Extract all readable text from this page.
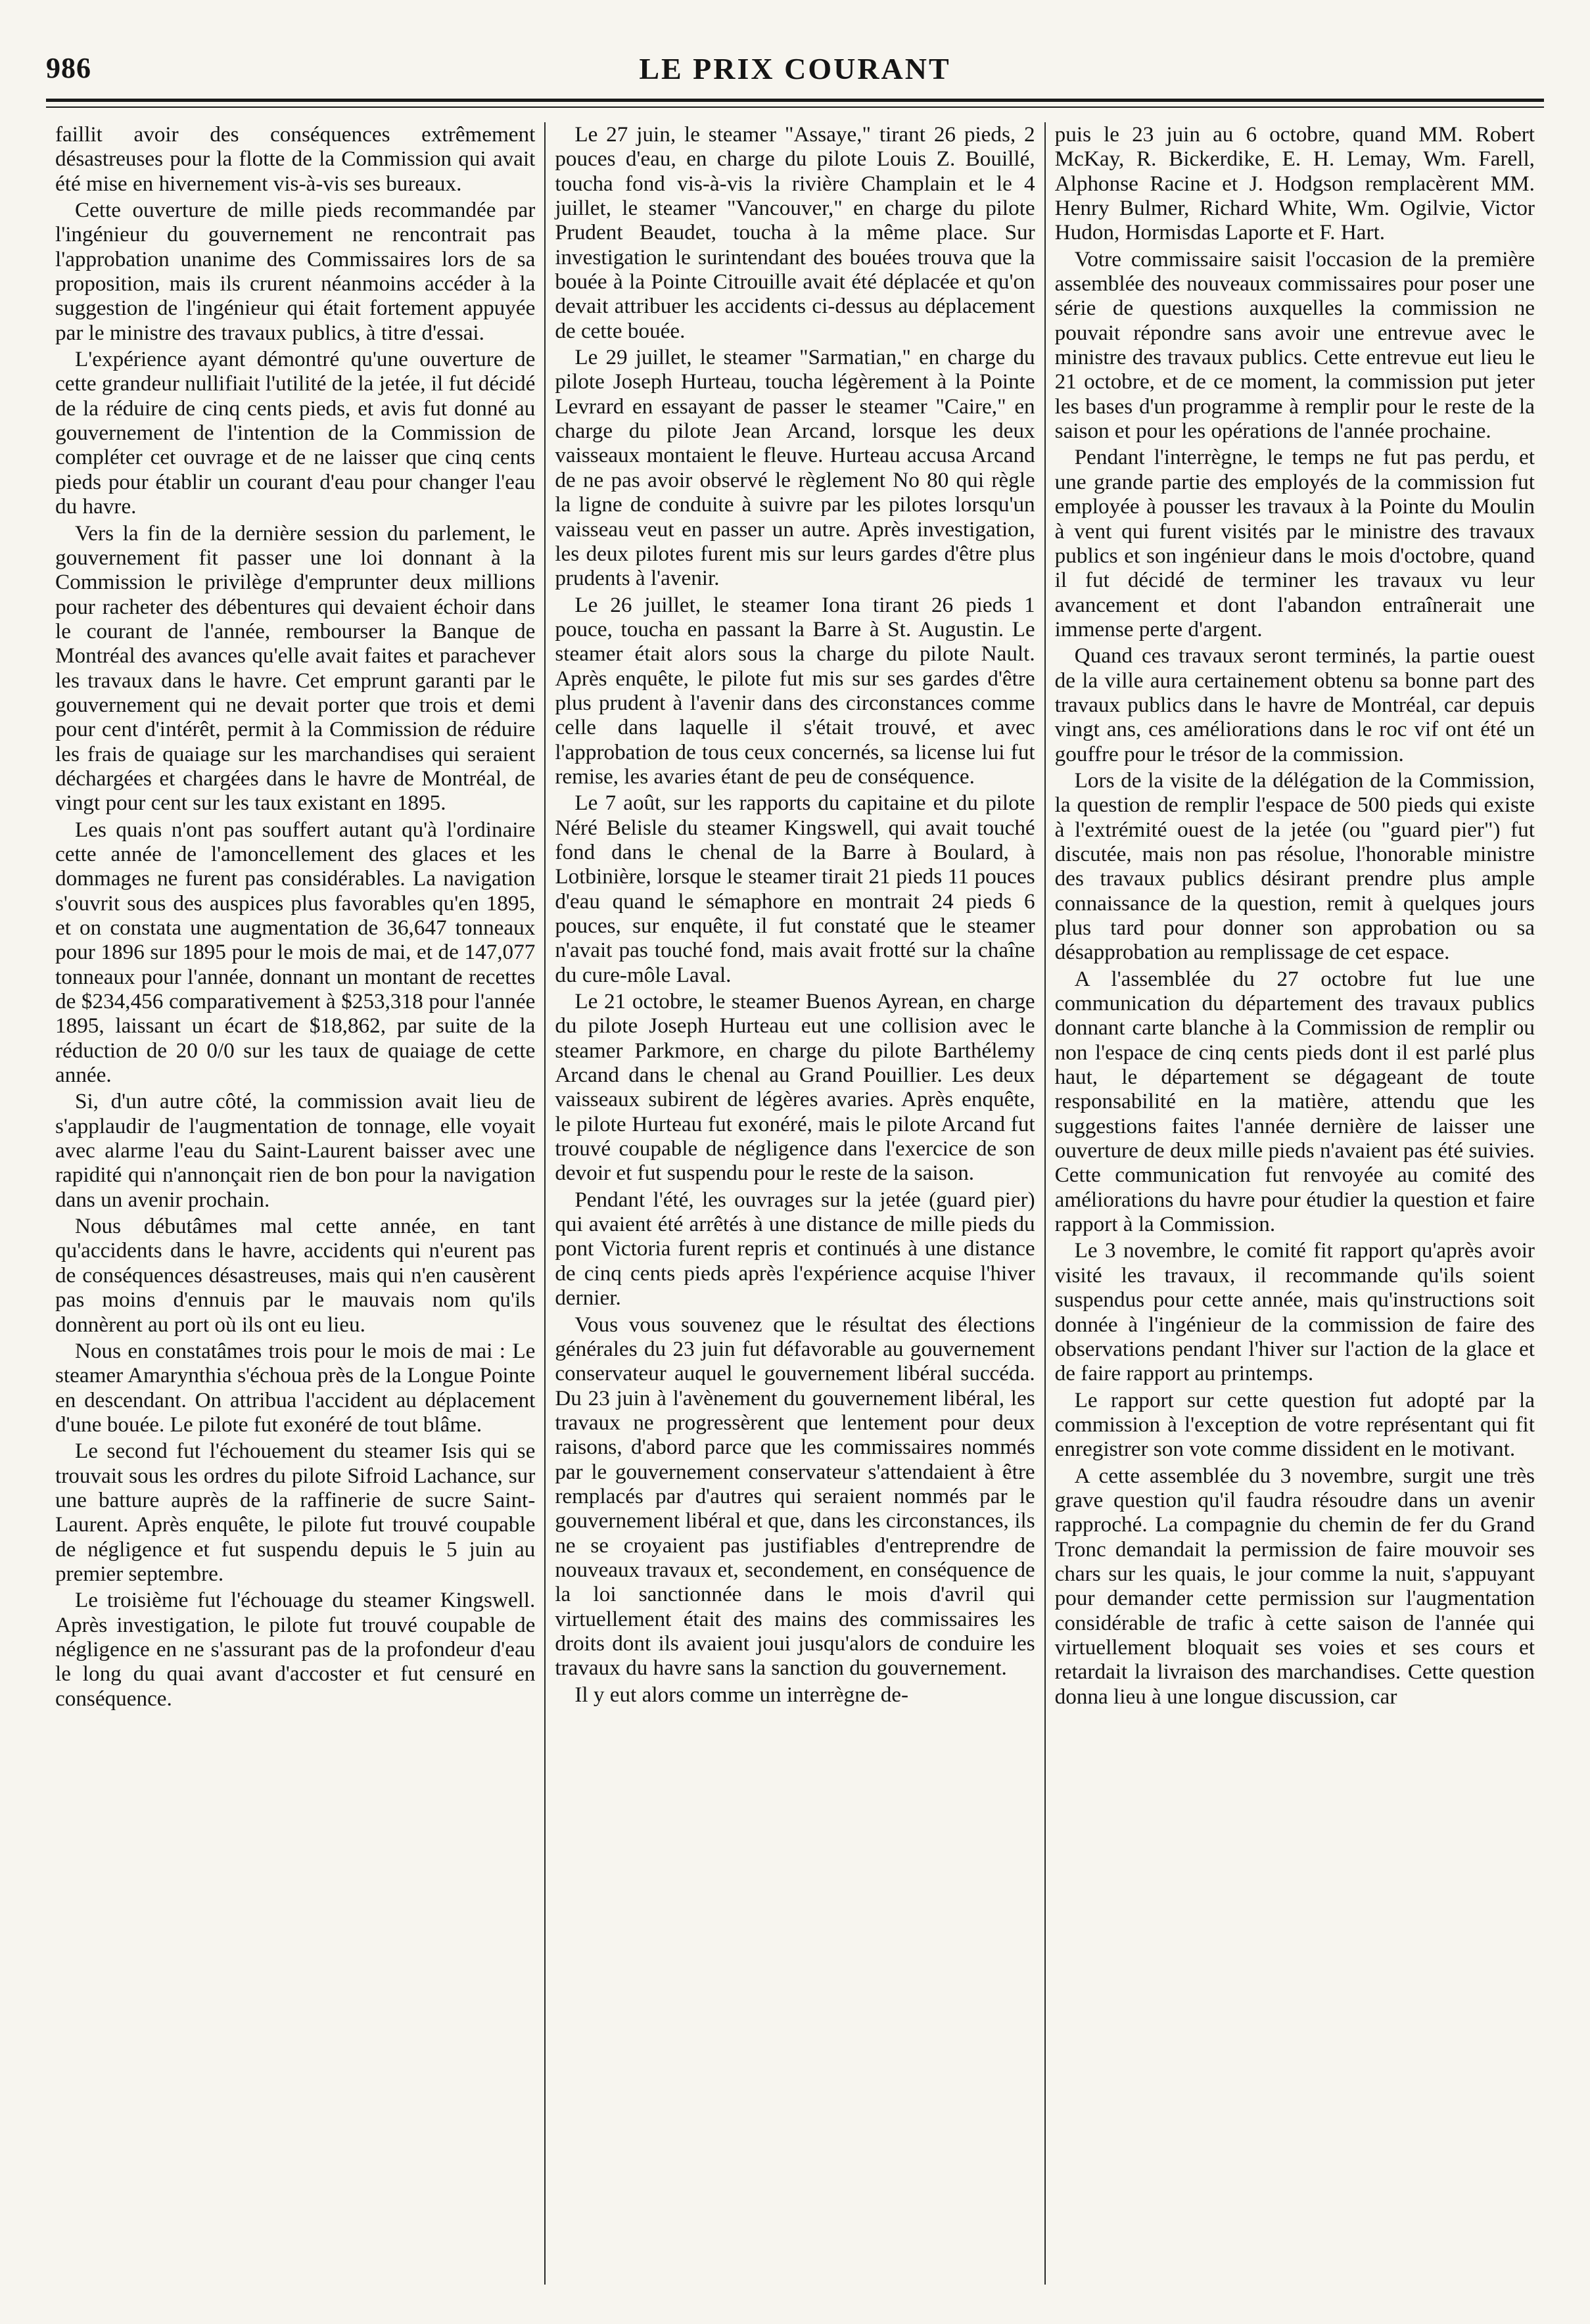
986	LE PRIX COURANT

faillit avoir des conséquences extrêmement désastreuses pour la flotte de la Commission qui avait été mise en hivernement vis-à-vis ses bureaux.

Cette ouverture de mille pieds recommandée par l'ingénieur du gouvernement ne rencontrait pas l'approbation unanime des Commissaires lors de sa proposition, mais ils crurent néanmoins accéder à la suggestion de l'ingénieur qui était fortement appuyée par le ministre des travaux publics, à titre d'essai.

L'expérience ayant démontré qu'une ouverture de cette grandeur nullifiait l'utilité de la jetée, il fut décidé de la réduire de cinq cents pieds, et avis fut donné au gouvernement de l'intention de la Commission de compléter cet ouvrage et de ne laisser que cinq cents pieds pour établir un courant d'eau pour changer l'eau du havre.

Vers la fin de la dernière session du parlement, le gouvernement fit passer une loi donnant à la Commission le privilège d'emprunter deux millions pour racheter des débentures qui devaient échoir dans le courant de l'année, rembourser la Banque de Montréal des avances qu'elle avait faites et parachever les travaux dans le havre. Cet emprunt garanti par le gouvernement qui ne devait porter que trois et demi pour cent d'intérêt, permit à la Commission de réduire les frais de quaiage sur les marchandises qui seraient déchargées et chargées dans le havre de Montréal, de vingt pour cent sur les taux existant en 1895.

Les quais n'ont pas souffert autant qu'à l'ordinaire cette année de l'amoncellement des glaces et les dommages ne furent pas considérables. La navigation s'ouvrit sous des auspices plus favorables qu'en 1895, et on constata une augmentation de 36,647 tonneaux pour 1896 sur 1895 pour le mois de mai, et de 147,077 tonneaux pour l'année, donnant un montant de recettes de $234,456 comparativement à $253,318 pour l'année 1895, laissant un écart de $18,862, par suite de la réduction de 20 0/0 sur les taux de quaiage de cette année.

Si, d'un autre côté, la commission avait lieu de s'applaudir de l'augmentation de tonnage, elle voyait avec alarme l'eau du Saint-Laurent baisser avec une rapidité qui n'annonçait rien de bon pour la navigation dans un avenir prochain.

Nous débutâmes mal cette année, en tant qu'accidents dans le havre, accidents qui n'eurent pas de conséquences désastreuses, mais qui n'en causèrent pas moins d'ennuis par le mauvais nom qu'ils donnèrent au port où ils ont eu lieu.

Nous en constatâmes trois pour le mois de mai : Le steamer Amarynthia s'échoua près de la Longue Pointe en descendant. On attribua l'accident au déplacement d'une bouée. Le pilote fut exonéré de tout blâme.

Le second fut l'échouement du steamer Isis qui se trouvait sous les ordres du pilote Sifroid Lachance, sur une batture auprès de la raffinerie de sucre Saint-Laurent. Après enquête, le pilote fut trouvé coupable de négligence et fut suspendu depuis le 5 juin au premier septembre.

Le troisième fut l'échouage du steamer Kingswell. Après investigation, le pilote fut trouvé coupable de négligence en ne s'assurant pas de la profondeur d'eau le long du quai avant d'accoster et fut censuré en conséquence.

Le 27 juin, le steamer "Assaye," tirant 26 pieds, 2 pouces d'eau, en charge du pilote Louis Z. Bouillé, toucha fond vis-à-vis la rivière Champlain et le 4 juillet, le steamer "Vancouver," en charge du pilote Prudent Beaudet, toucha à la même place. Sur investigation le surintendant des bouées trouva que la bouée à la Pointe Citrouille avait été déplacée et qu'on devait attribuer les accidents ci-dessus au déplacement de cette bouée.

Le 29 juillet, le steamer "Sarmatian," en charge du pilote Joseph Hurteau, toucha légèrement à la Pointe Levrard en essayant de passer le steamer "Caire," en charge du pilote Jean Arcand, lorsque les deux vaisseaux montaient le fleuve. Hurteau accusa Arcand de ne pas avoir observé le règlement No 80 qui règle la ligne de conduite à suivre par les pilotes lorsqu'un vaisseau veut en passer un autre. Après investigation, les deux pilotes furent mis sur leurs gardes d'être plus prudents à l'avenir.

Le 26 juillet, le steamer Iona tirant 26 pieds 1 pouce, toucha en passant la Barre à St. Augustin. Le steamer était alors sous la charge du pilote Nault. Après enquête, le pilote fut mis sur ses gardes d'être plus prudent à l'avenir dans des circonstances comme celle dans laquelle il s'était trouvé, et avec l'approbation de tous ceux concernés, sa license lui fut remise, les avaries étant de peu de conséquence.

Le 7 août, sur les rapports du capitaine et du pilote Néré Belisle du steamer Kingswell, qui avait touché fond dans le chenal de la Barre à Boulard, à Lotbinière, lorsque le steamer tirait 21 pieds 11 pouces d'eau quand le sémaphore en montrait 24 pieds 6 pouces, sur enquête, il fut constaté que le steamer n'avait pas touché fond, mais avait frotté sur la chaîne du cure-môle Laval.

Le 21 octobre, le steamer Buenos Ayrean, en charge du pilote Joseph Hurteau eut une collision avec le steamer Parkmore, en charge du pilote Barthélemy Arcand dans le chenal au Grand Pouillier. Les deux vaisseaux subirent de légères avaries. Après enquête, le pilote Hurteau fut exonéré, mais le pilote Arcand fut trouvé coupable de négligence dans l'exercice de son devoir et fut suspendu pour le reste de la saison.

Pendant l'été, les ouvrages sur la jetée (guard pier) qui avaient été arrêtés à une distance de mille pieds du pont Victoria furent repris et continués à une distance de cinq cents pieds après l'expérience acquise l'hiver dernier.

Vous vous souvenez que le résultat des élections générales du 23 juin fut défavorable au gouvernement conservateur auquel le gouvernement libéral succéda. Du 23 juin à l'avènement du gouvernement libéral, les travaux ne progressèrent que lentement pour deux raisons, d'abord parce que les commissaires nommés par le gouvernement conservateur s'attendaient à être remplacés par d'autres qui seraient nommés par le gouvernement libéral et que, dans les circonstances, ils ne se croyaient pas justifiables d'entreprendre de nouveaux travaux et, secondement, en conséquence de la loi sanctionnée dans le mois d'avril qui virtuellement était des mains des commissaires les droits dont ils avaient joui jusqu'alors de conduire les travaux du havre sans la sanction du gouvernement.

Il y eut alors comme un interrègne de-

puis le 23 juin au 6 octobre, quand MM. Robert McKay, R. Bickerdike, E. H. Lemay, Wm. Farell, Alphonse Racine et J. Hodgson remplacèrent MM. Henry Bulmer, Richard White, Wm. Ogilvie, Victor Hudon, Hormisdas Laporte et F. Hart.

Votre commissaire saisit l'occasion de la première assemblée des nouveaux commissaires pour poser une série de questions auxquelles la commission ne pouvait répondre sans avoir une entrevue avec le ministre des travaux publics. Cette entrevue eut lieu le 21 octobre, et de ce moment, la commission put jeter les bases d'un programme à remplir pour le reste de la saison et pour les opérations de l'année prochaine.

Pendant l'interrègne, le temps ne fut pas perdu, et une grande partie des employés de la commission fut employée à pousser les travaux à la Pointe du Moulin à vent qui furent visités par le ministre des travaux publics et son ingénieur dans le mois d'octobre, quand il fut décidé de terminer les travaux vu leur avancement et dont l'abandon entraînerait une immense perte d'argent.

Quand ces travaux seront terminés, la partie ouest de la ville aura certainement obtenu sa bonne part des travaux publics dans le havre de Montréal, car depuis vingt ans, ces améliorations dans le roc vif ont été un gouffre pour le trésor de la commission.

Lors de la visite de la délégation de la Commission, la question de remplir l'espace de 500 pieds qui existe à l'extrémité ouest de la jetée (ou "guard pier") fut discutée, mais non pas résolue, l'honorable ministre des travaux publics désirant prendre plus ample connaissance de la question, remit à quelques jours plus tard pour donner son approbation ou sa désapprobation au remplissage de cet espace.

A l'assemblée du 27 octobre fut lue une communication du département des travaux publics donnant carte blanche à la Commission de remplir ou non l'espace de cinq cents pieds dont il est parlé plus haut, le département se dégageant de toute responsabilité en la matière, attendu que les suggestions faites l'année dernière de laisser une ouverture de deux mille pieds n'avaient pas été suivies. Cette communication fut renvoyée au comité des améliorations du havre pour étudier la question et faire rapport à la Commission.

Le 3 novembre, le comité fit rapport qu'après avoir visité les travaux, il recommande qu'ils soient suspendus pour cette année, mais qu'instructions soit donnée à l'ingénieur de la commission de faire des observations pendant l'hiver sur l'action de la glace et de faire rapport au printemps.

Le rapport sur cette question fut adopté par la commission à l'exception de votre représentant qui fit enregistrer son vote comme dissident en le motivant.

A cette assemblée du 3 novembre, surgit une très grave question qu'il faudra résoudre dans un avenir rapproché. La compagnie du chemin de fer du Grand Tronc demandait la permission de faire mouvoir ses chars sur les quais, le jour comme la nuit, s'appuyant pour demander cette permission sur l'augmentation considérable de trafic à cette saison de l'année qui virtuellement bloquait ses voies et ses cours et retardait la livraison des marchandises. Cette question donna lieu à une longue discussion, car
